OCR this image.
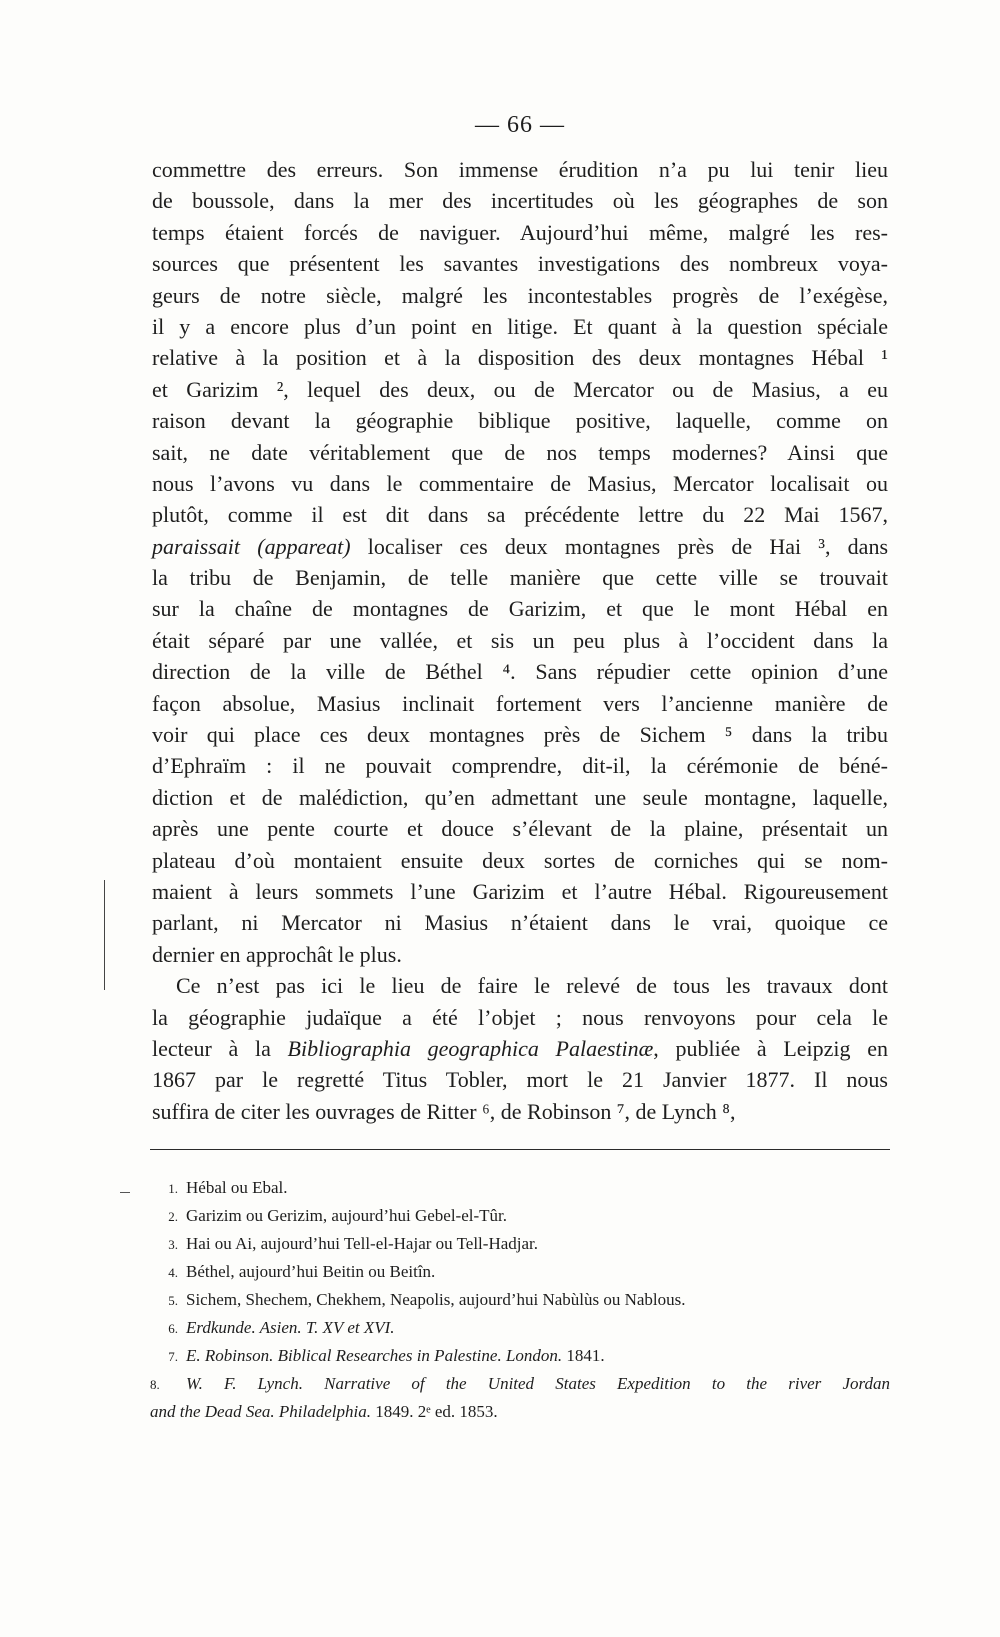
— 66 —
commettre des erreurs. Son immense érudition n’a pu lui tenir lieu
de boussole, dans la mer des incertitudes où les géographes de son
temps étaient forcés de naviguer. Aujourd’hui même, malgré les res-
sources que présentent les savantes investigations des nombreux voya-
geurs de notre siècle, malgré les incontestables progrès de l’exégèse,
il y a encore plus d’un point en litige. Et quant à la question spéciale
relative à la position et à la disposition des deux montagnes Hébal ¹
et Garizim ², lequel des deux, ou de Mercator ou de Masius, a eu
raison devant la géographie biblique positive, laquelle, comme on
sait, ne date véritablement que de nos temps modernes? Ainsi que
nous l’avons vu dans le commentaire de Masius, Mercator localisait ou
plutôt, comme il est dit dans sa précédente lettre du 22 Mai 1567,
paraissait (appareat) localiser ces deux montagnes près de Hai ³, dans
la tribu de Benjamin, de telle manière que cette ville se trouvait
sur la chaîne de montagnes de Garizim, et que le mont Hébal en
était séparé par une vallée, et sis un peu plus à l’occident dans la
direction de la ville de Béthel ⁴. Sans répudier cette opinion d’une
façon absolue, Masius inclinait fortement vers l’ancienne manière de
voir qui place ces deux montagnes près de Sichem ⁵ dans la tribu
d’Ephraïm : il ne pouvait comprendre, dit-il, la cérémonie de béné-
diction et de malédiction, qu’en admettant une seule montagne, laquelle,
après une pente courte et douce s’élevant de la plaine, présentait un
plateau d’où montaient ensuite deux sortes de corniches qui se nom-
maient à leurs sommets l’une Garizim et l’autre Hébal. Rigoureusement
parlant, ni Mercator ni Masius n’étaient dans le vrai, quoique ce
dernier en approchât le plus.
Ce n’est pas ici le lieu de faire le relevé de tous les travaux dont
la géographie judaïque a été l’objet ; nous renvoyons pour cela le
lecteur à la Bibliographia geographica Palaestinæ, publiée à Leipzig en
1867 par le regretté Titus Tobler, mort le 21 Janvier 1877. Il nous
suffira de citer les ouvrages de Ritter ⁶, de Robinson ⁷, de Lynch ⁸,
1. Hébal ou Ebal.
2. Garizim ou Gerizim, aujourd’hui Gebel-el-Tûr.
3. Hai ou Ai, aujourd’hui Tell-el-Hajar ou Tell-Hadjar.
4. Béthel, aujourd’hui Beitin ou Beitîn.
5. Sichem, Shechem, Chekhem, Neapolis, aujourd’hui Nabùlùs ou Nablous.
6. Erdkunde. Asien. T. XV et XVI.
7. E. Robinson. Biblical Researches in Palestine. London. 1841.
8. W. F. Lynch. Narrative of the United States Expedition to the river Jordan
and the Dead Sea. Philadelphia. 1849. 2ᵉ ed. 1853.
